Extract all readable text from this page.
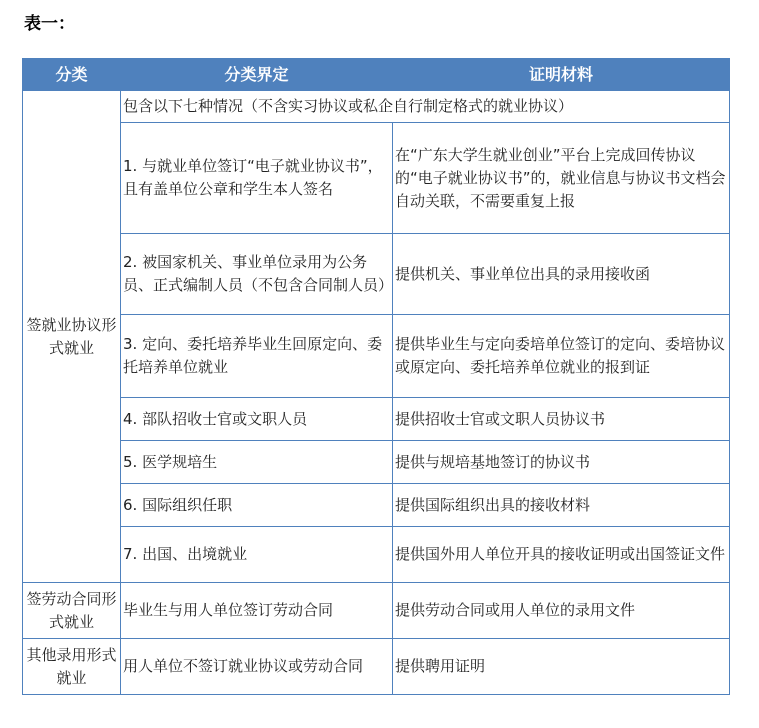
表一：
分类	分类界定	证明材料
签就业协议形式就业	包含以下七种情况（不含实习协议或私企自行制定格式的就业协议）	
	1. 与就业单位签订“电子就业协议书”，且有盖单位公章和学生本人签名	在“广东大学生就业创业”平台上完成回传协议的“电子就业协议书”的，就业信息与协议书文档会自动关联，不需要重复上报
	2. 被国家机关、事业单位录用为公务员、正式编制人员（不包含合同制人员）	提供机关、事业单位出具的录用接收函
	3. 定向、委托培养毕业生回原定向、委托培养单位就业	提供毕业生与定向委培单位签订的定向、委培协议或原定向、委托培养单位就业的报到证
	4. 部队招收士官或文职人员	提供招收士官或文职人员协议书
	5. 医学规培生	提供与规培基地签订的协议书
	6. 国际组织任职	提供国际组织出具的接收材料
	7. 出国、出境就业	提供国外用人单位开具的接收证明或出国签证文件
签劳动合同形式就业	毕业生与用人单位签订劳动合同	提供劳动合同或用人单位的录用文件
其他录用形式就业	用人单位不签订就业协议或劳动合同	提供聘用证明
